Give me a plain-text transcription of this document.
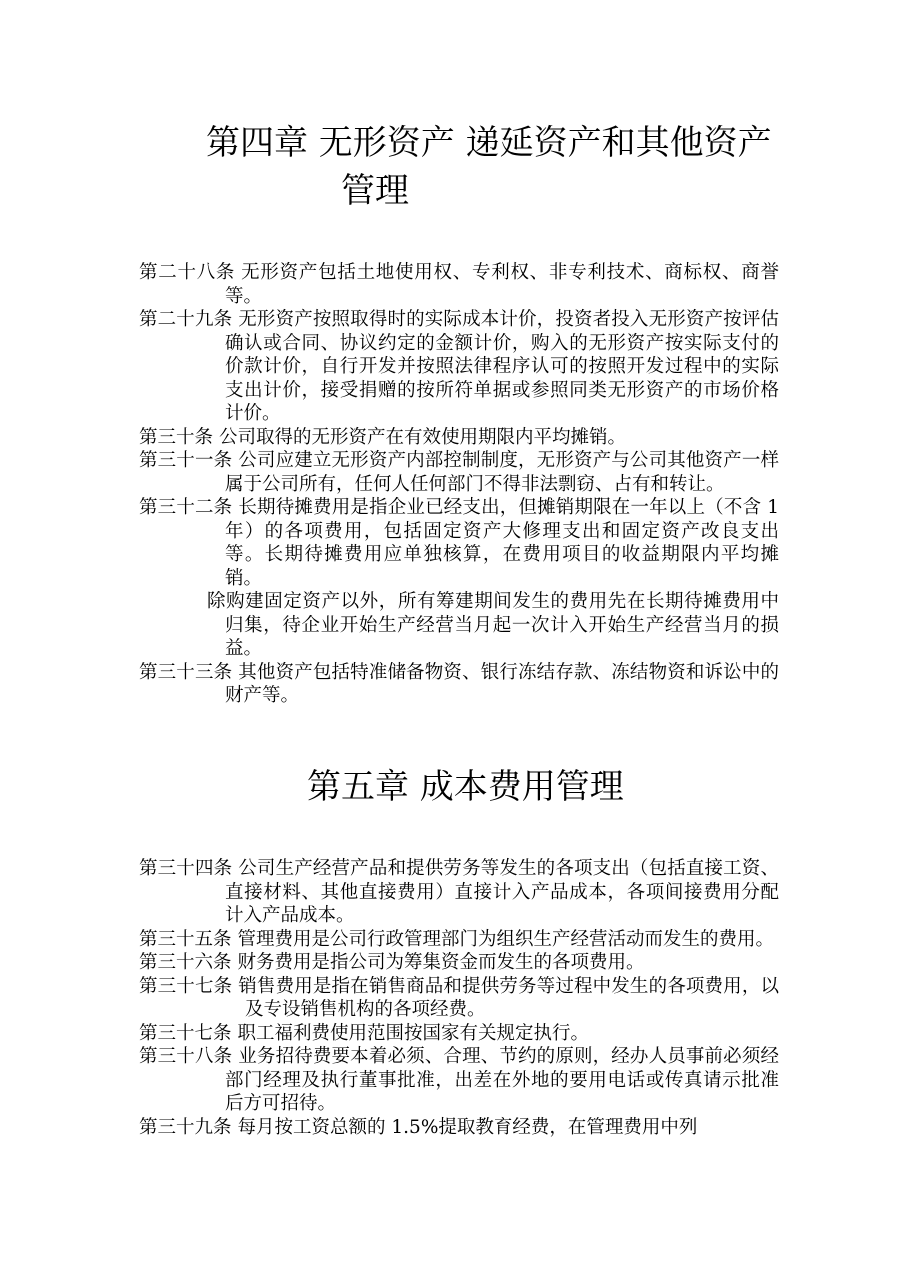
第四章 无形资产 递延资产和其他资产
管理

第二十八条 无形资产包括土地使用权、专利权、非专利技术、商标权、商誉等。

第二十九条 无形资产按照取得时的实际成本计价，投资者投入无形资产按评估确认或合同、协议约定的金额计价，购入的无形资产按实际支付的价款计价，自行开发并按照法律程序认可的按照开发过程中的实际支出计价，接受捐赠的按所符单据或参照同类无形资产的市场价格计价。

第三十条 公司取得的无形资产在有效使用期限内平均摊销。

第三十一条 公司应建立无形资产内部控制制度，无形资产与公司其他资产一样属于公司所有，任何人任何部门不得非法剽窃、占有和转让。

第三十二条 长期待摊费用是指企业已经支出，但摊销期限在一年以上（不含 1 年）的各项费用，包括固定资产大修理支出和固定资产改良支出等。长期待摊费用应单独核算，在费用项目的收益期限内平均摊销。

除购建固定资产以外，所有筹建期间发生的费用先在长期待摊费用中归集，待企业开始生产经营当月起一次计入开始生产经营当月的损益。

第三十三条 其他资产包括特准储备物资、银行冻结存款、冻结物资和诉讼中的财产等。

第五章 成本费用管理

第三十四条 公司生产经营产品和提供劳务等发生的各项支出（包括直接工资、直接材料、其他直接费用）直接计入产品成本，各项间接费用分配计入产品成本。

第三十五条 管理费用是公司行政管理部门为组织生产经营活动而发生的费用。

第三十六条 财务费用是指公司为筹集资金而发生的各项费用。

第三十七条 销售费用是指在销售商品和提供劳务等过程中发生的各项费用，以及专设销售机构的各项经费。

第三十七条 职工福利费使用范围按国家有关规定执行。

第三十八条 业务招待费要本着必须、合理、节约的原则，经办人员事前必须经部门经理及执行董事批准，出差在外地的要用电话或传真请示批准后方可招待。

第三十九条 每月按工资总额的 1.5%提取教育经费，在管理费用中列
